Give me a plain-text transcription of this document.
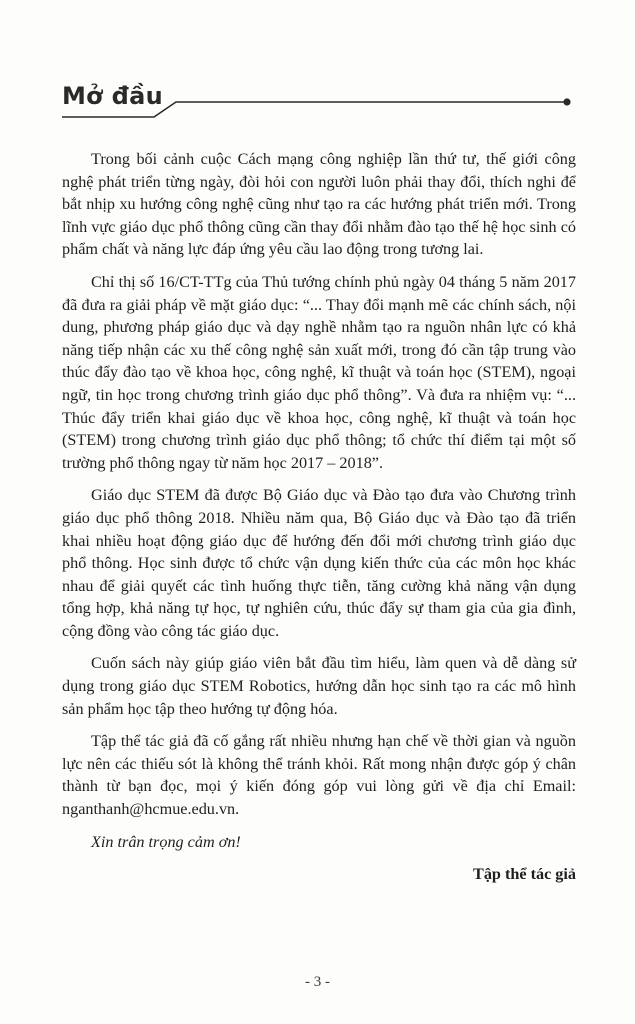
Mở đầu

Trong bối cảnh cuộc Cách mạng công nghiệp lần thứ tư, thế giới công nghệ phát triển từng ngày, đòi hỏi con người luôn phải thay đổi, thích nghi để bắt nhịp xu hướng công nghệ cũng như tạo ra các hướng phát triển mới. Trong lĩnh vực giáo dục phổ thông cũng cần thay đổi nhằm đào tạo thế hệ học sinh có phẩm chất và năng lực đáp ứng yêu cầu lao động trong tương lai.

Chỉ thị số 16/CT-TTg của Thủ tướng chính phủ ngày 04 tháng 5 năm 2017 đã đưa ra giải pháp về mặt giáo dục: “... Thay đổi mạnh mẽ các chính sách, nội dung, phương pháp giáo dục và dạy nghề nhằm tạo ra nguồn nhân lực có khả năng tiếp nhận các xu thế công nghệ sản xuất mới, trong đó cần tập trung vào thúc đẩy đào tạo về khoa học, công nghệ, kĩ thuật và toán học (STEM), ngoại ngữ, tin học trong chương trình giáo dục phổ thông”. Và đưa ra nhiệm vụ: “... Thúc đẩy triển khai giáo dục về khoa học, công nghệ, kĩ thuật và toán học (STEM) trong chương trình giáo dục phổ thông; tổ chức thí điểm tại một số trường phổ thông ngay từ năm học 2017 – 2018”.

Giáo dục STEM đã được Bộ Giáo dục và Đào tạo đưa vào Chương trình giáo dục phổ thông 2018. Nhiều năm qua, Bộ Giáo dục và Đào tạo đã triển khai nhiều hoạt động giáo dục để hướng đến đổi mới chương trình giáo dục phổ thông. Học sinh được tổ chức vận dụng kiến thức của các môn học khác nhau để giải quyết các tình huống thực tiễn, tăng cường khả năng vận dụng tổng hợp, khả năng tự học, tự nghiên cứu, thúc đẩy sự tham gia của gia đình, cộng đồng vào công tác giáo dục.

Cuốn sách này giúp giáo viên bắt đầu tìm hiểu, làm quen và dễ dàng sử dụng trong giáo dục STEM Robotics, hướng dẫn học sinh tạo ra các mô hình sản phẩm học tập theo hướng tự động hóa.

Tập thể tác giả đã cố gắng rất nhiều nhưng hạn chế về thời gian và nguồn lực nên các thiếu sót là không thể tránh khỏi. Rất mong nhận được góp ý chân thành từ bạn đọc, mọi ý kiến đóng góp vui lòng gửi về địa chỉ Email: nganthanh@hcmue.edu.vn.

Xin trân trọng cảm ơn!

Tập thể tác giả

- 3 -
